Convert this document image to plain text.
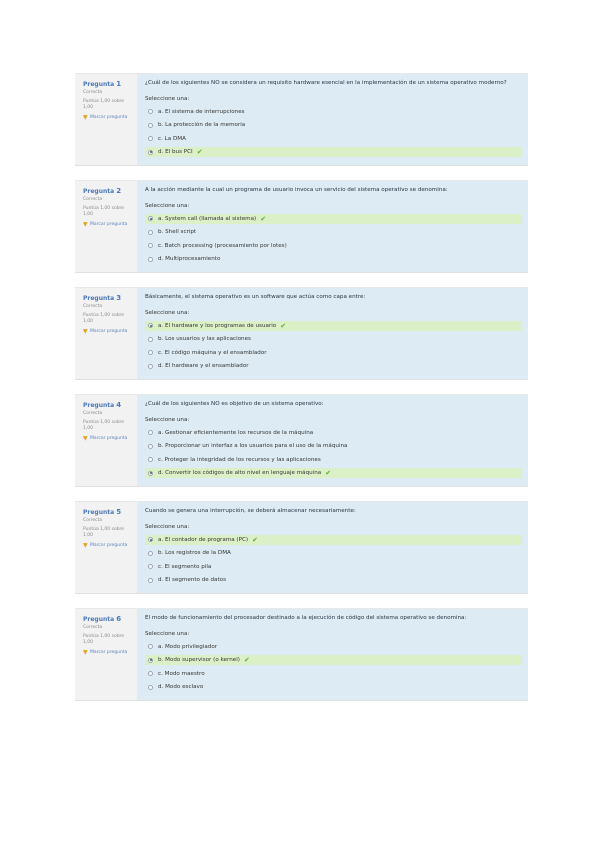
Pregunta 1
Correcta
Puntúa 1,00 sobre 1,00
▼ Marcar pregunta
¿Cuál de los siguientes NO se considera un requisito hardware esencial en la implementación de un sistema operativo moderno?
Seleccione una:
a. El sistema de interrupciones
b. La protección de la memoria
c. La DMA
d. El bus PCI ✔
Pregunta 2
Correcta
Puntúa 1,00 sobre 1,00
▼ Marcar pregunta
A la acción mediante la cual un programa de usuario invoca un servicio del sistema operativo se denomina:
Seleccione una:
a. System call (llamada al sistema) ✔
b. Shell script
c. Batch processing (procesamiento por lotes)
d. Multiprocesamiento
Pregunta 3
Correcta
Puntúa 1,00 sobre 1,00
▼ Marcar pregunta
Básicamente, el sistema operativo es un software que actúa como capa entre:
Seleccione una:
a. El hardware y los programas de usuario ✔
b. Los usuarios y las aplicaciones
c. El código máquina y el ensamblador
d. El hardware y el ensamblador
Pregunta 4
Correcta
Puntúa 1,00 sobre 1,00
▼ Marcar pregunta
¿Cuál de los siguientes NO es objetivo de un sistema operativo:
Seleccione una:
a. Gestionar eficientemente los recursos de la máquina
b. Proporcionar un interfaz a los usuarios para el uso de la máquina
c. Proteger la integridad de los recursos y las aplicaciones
d. Convertir los códigos de alto nivel en lenguaje máquina ✔
Pregunta 5
Correcta
Puntúa 1,00 sobre 1,00
▼ Marcar pregunta
Cuando se genera una interrupción, se deberá almacenar necesariamente:
Seleccione una:
a. El contador de programa (PC) ✔
b. Los registros de la DMA
c. El segmento pila
d. El segmento de datos
Pregunta 6
Correcta
Puntúa 1,00 sobre 1,00
▼ Marcar pregunta
El modo de funcionamiento del procesador destinado a la ejecución de código del sistema operativo se denomina:
Seleccione una:
a. Modo privilegiador
b. Modo supervisor (o kernel) ✔
c. Modo maestro
d. Modo esclavo
